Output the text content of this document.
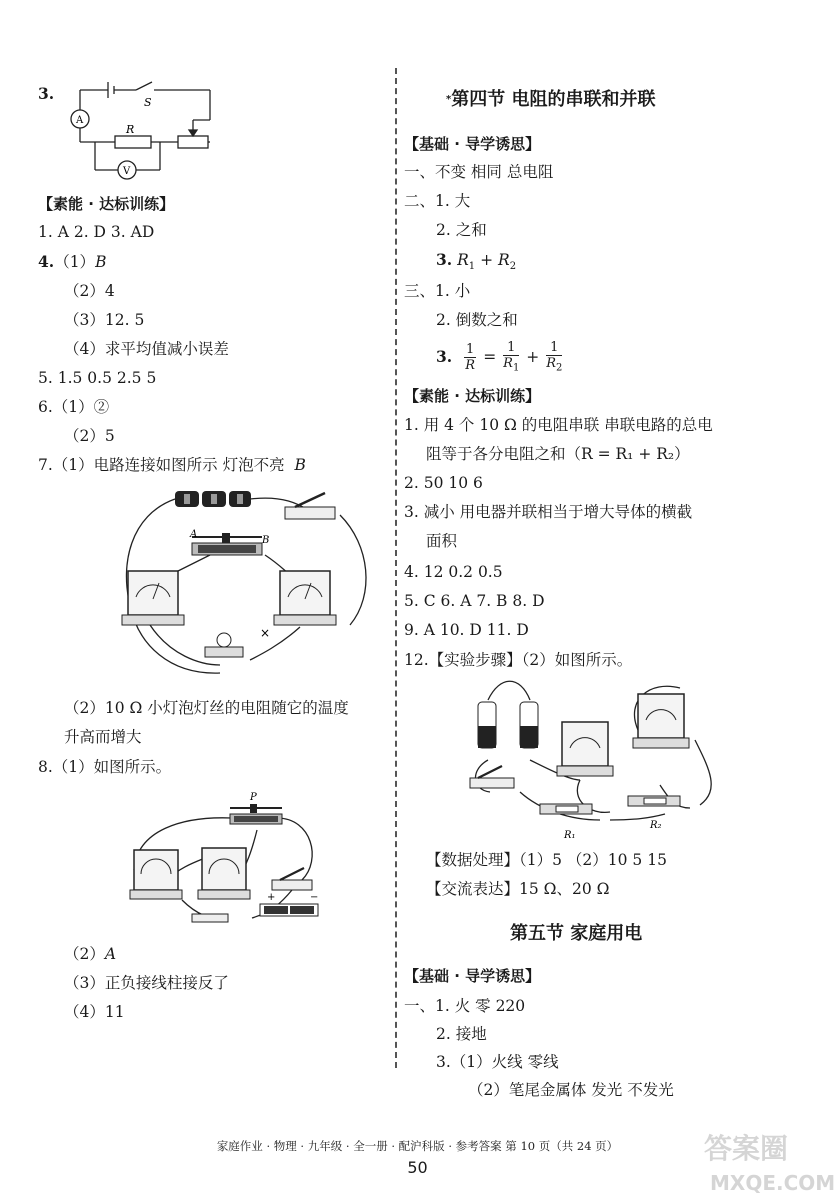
3.	S
A
R
V
【素能 · 达标训练】
1. A 2. D 3. AD
4.（1）B
（2）4
（3）12. 5
（4）求平均值减小误差
5. 1.5 0.5 2.5 5
6.（1）②
（2）5
7.（1）电路连接如图所示 灯泡不亮 B
A
B
×
（2）10 Ω 小灯泡灯丝的电阻随它的温度
升高而增大
8.（1）如图所示。
P
+	−
（2）A
（3）正负接线柱接反了
（4）11
*第四节 电阻的串联和并联
【基础 · 导学诱思】
一、不变 相同 总电阻
二、1. 大
2. 之和
3. $R_1 + R_2$
三、1. 小
2. 倒数之和
3. $\frac{1}{R} = \frac{1}{R_1} + \frac{1}{R_2}$
【素能 · 达标训练】
1. 用 4 个 10 Ω 的电阻串联 串联电路的总电
阻等于各分电阻之和（R = R₁ + R₂）
2. 50 10 6
3. 减小 用电器并联相当于增大导体的横截
面积
4. 12 0.2 0.5
5. C 6. A 7. B 8. D
9. A 10. D 11. D
12.【实验步骤】（2）如图所示。
R₁
R₂
【数据处理】（1）5 （2）10 5 15
【交流表达】15 Ω、20 Ω
第五节 家庭用电
【基础 · 导学诱思】
一、1. 火 零 220
2. 接地
3.（1）火线 零线
（2）笔尾金属体 发光 不发光
家庭作业 · 物理 · 九年级 · 全一册 · 配沪科版 · 参考答案 第 10 页（共 24 页）
50
答案圈
MXQE.COM
